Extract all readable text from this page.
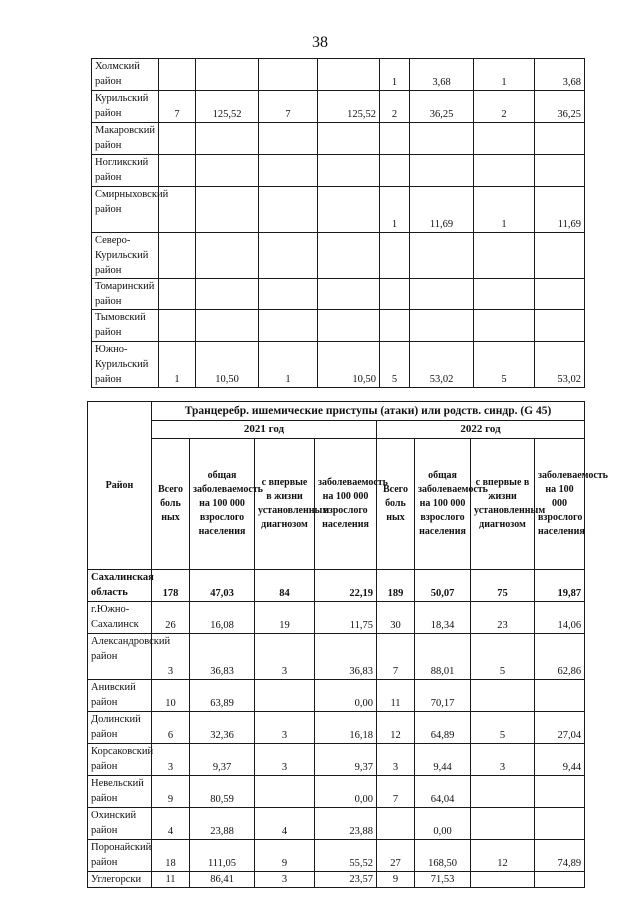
38
Холмский район					1	3,68	1	3,68
Курильский район	7	125,52	7	125,52	2	36,25	2	36,25
Макаровский район								
Ногликский район								
Смирныховский район					1	11,69	1	11,69
Северо-Курильский район								
Томаринский район								
Тымовский район								
Южно-Курильский район	1	10,50	1	10,50	5	53,02	5	53,02
Район	Транцеребр. ишемические приступы (атаки) или родств. синдр. (G 45)							
	2021 год				2022 год			
	Всего боль ных	общая заболеваемость на 100 000 взрослого населения	с впервые в жизни установленным диагнозом	заболеваемость на 100 000 взрослого населения	Всего боль ных	общая заболеваемость на 100 000 взрослого населения	с впервые в жизни установленным диагнозом	заболеваемость на 100 000 взрослого населения
Сахалинская область	178	47,03	84	22,19	189	50,07	75	19,87
г.Южно-Сахалинск	26	16,08	19	11,75	30	18,34	23	14,06
Александровский район	3	36,83	3	36,83	7	88,01	5	62,86
Анивский район	10	63,89		0,00	11	70,17		
Долинский район	6	32,36	3	16,18	12	64,89	5	27,04
Корсаковский район	3	9,37	3	9,37	3	9,44	3	9,44
Невельский район	9	80,59		0,00	7	64,04		
Охинский район	4	23,88	4	23,88		0,00		
Поронайский район	18	111,05	9	55,52	27	168,50	12	74,89
Углегорски	11	86,41	3	23,57	9	71,53		
